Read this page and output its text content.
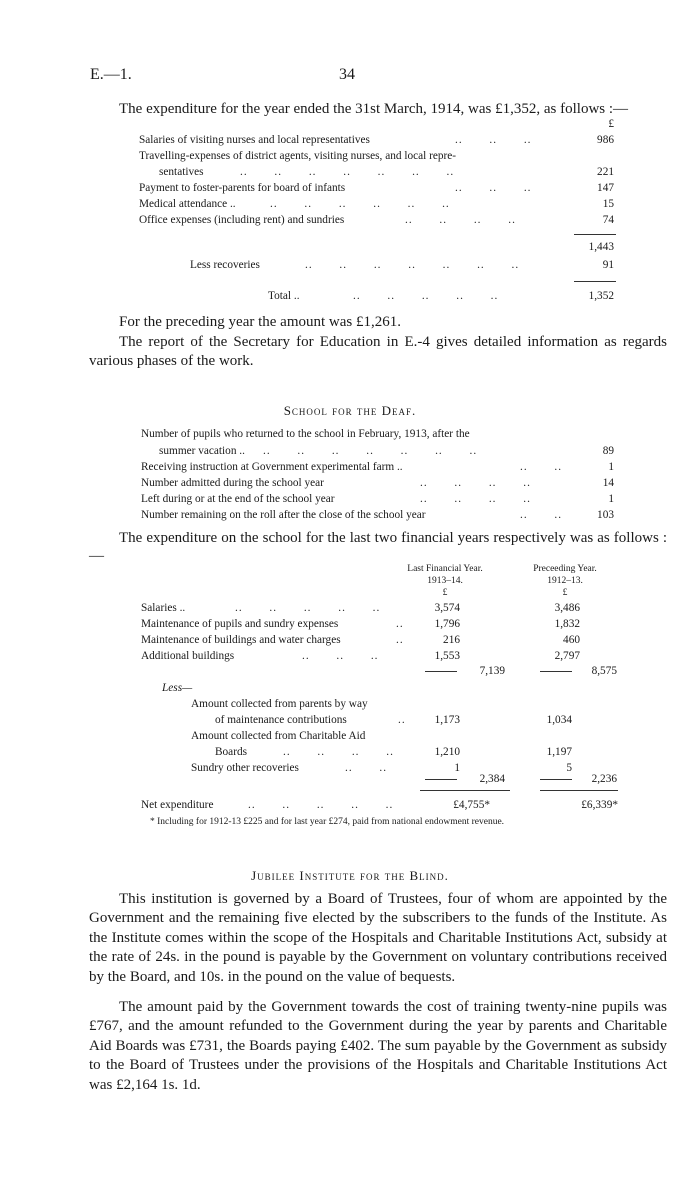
E.—1.	34
The expenditure for the year ended the 31st March, 1914, was £1,352, as follows :—
£
Salaries of visiting nurses and local representatives	..       ..       ..	986
Travelling-expenses of district agents, visiting nurses, and local repre-
sentatives	..       ..       ..       ..       ..       ..       ..	221
Payment to foster-parents for board of infants	..       ..       ..	147
Medical attendance ..	..       ..       ..       ..       ..       ..	15
Office expenses (including rent) and sundries	..       ..       ..       ..	74
1,443
Less recoveries	..       ..       ..       ..       ..       ..       ..	91
Total ..	..       ..       ..       ..       ..	1,352
For the preceding year the amount was £1,261.
The report of the Secretary for Education in E.-4 gives detailed information as regards various phases of the work.
School for the Deaf.
Number of pupils who returned to the school in February, 1913, after the
summer vacation .. ..       ..       ..       ..       ..       ..       ..	89
Receiving instruction at Government experimental farm ..	..       ..	1
Number admitted during the school year	..       ..       ..       ..	14
Left during or at the end of the school year	..       ..       ..       ..	1
Number remaining on the roll after the close of the school year	..       ..	103
The expenditure on the school for the last two financial years respectively was as follows :—
Last Financial Year.
1913–14.
£
Preceeding Year.
1912–13.
£
Salaries ..	..       ..       ..       ..       ..	3,574	3,486
Maintenance of pupils and sundry expenses	..	1,796	1,832
Maintenance of buildings and water charges	..	216	460
Additional buildings	..       ..       ..	1,553	2,797
7,139	8,575
Less—
Amount collected from parents by way
of maintenance contributions	..	1,173	1,034
Amount collected from Charitable Aid
Boards	..       ..       ..       ..	1,210	1,197
Sundry other recoveries	..       ..	1	5
2,384	2,236
Net expenditure	..       ..       ..       ..       ..	£4,755*	£6,339*
* Including for 1912-13 £225 and for last year £274, paid from national endowment revenue.
Jubilee Institute for the Blind.
This institution is governed by a Board of Trustees, four of whom are appointed by the Government and the remaining five elected by the subscribers to the funds of the Institute. As the Institute comes within the scope of the Hospitals and Charitable Institutions Act, subsidy at the rate of 24s. in the pound is payable by the Government on voluntary contributions received by the Board, and 10s. in the pound on the value of bequests.
The amount paid by the Government towards the cost of training twenty-nine pupils was £767, and the amount refunded to the Government during the year by parents and Charitable Aid Boards was £731, the Boards paying £402. The sum payable by the Government as subsidy to the Board of Trustees under the provisions of the Hospitals and Charitable Institutions Act was £2,164 1s. 1d.
